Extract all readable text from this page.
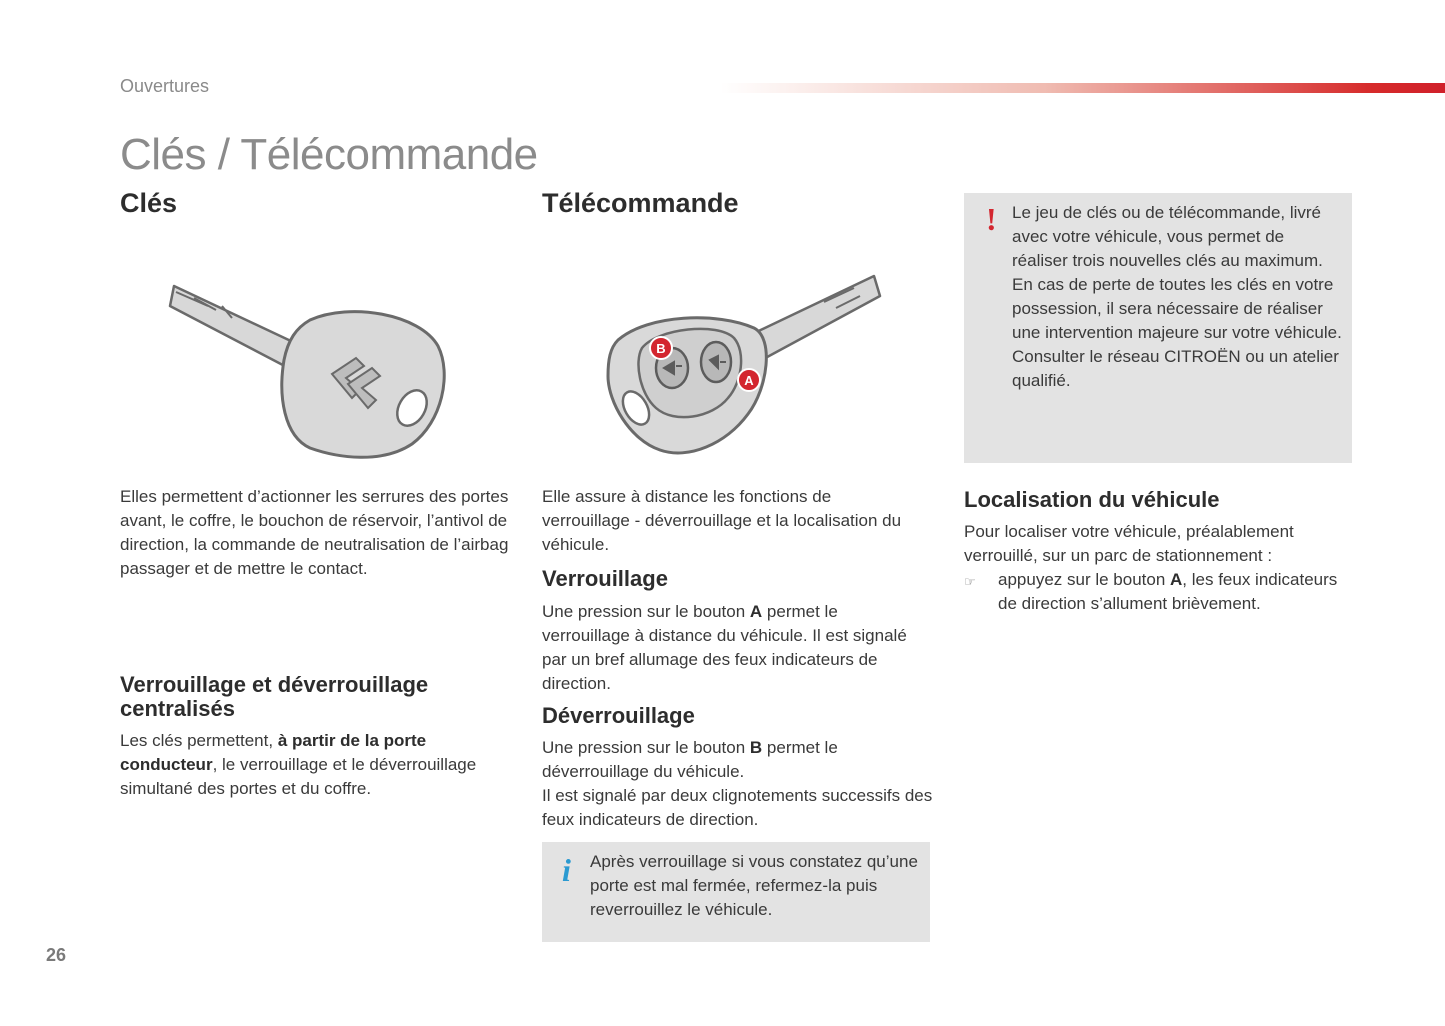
Ouvertures
Clés / Télécommande
Clés

Elles permettent d’actionner les serrures des portes avant, le coffre, le bouchon de réservoir, l’antivol de direction, la commande de neutralisation de l’airbag passager et de mettre le contact.

Verrouillage et déverrouillage centralisés

Les clés permettent, à partir de la porte conducteur, le verrouillage et le déverrouillage simultané des portes et du coffre.

Télécommande
B
A

Elle assure à distance les fonctions de verrouillage - déverrouillage et la localisation du véhicule.

Verrouillage

Une pression sur le bouton A permet le verrouillage à distance du véhicule. Il est signalé par un bref allumage des feux indicateurs de direction.

Déverrouillage

Une pression sur le bouton B permet le déverrouillage du véhicule.
Il est signalé par deux clignotements successifs des feux indicateurs de direction.

i Après verrouillage si vous constatez qu’une porte est mal fermée, refermez-la puis reverrouillez le véhicule.
! Le jeu de clés ou de télécommande, livré avec votre véhicule, vous permet de réaliser trois nouvelles clés au maximum.
En cas de perte de toutes les clés en votre possession, il sera nécessaire de réaliser une intervention majeure sur votre véhicule.
Consulter le réseau CITROËN ou un atelier qualifié.
Localisation du véhicule

Pour localiser votre véhicule, préalablement verrouillé, sur un parc de stationnement :

☞	appuyez sur le bouton A, les feux indicateurs de direction s’allument brièvement.
26
